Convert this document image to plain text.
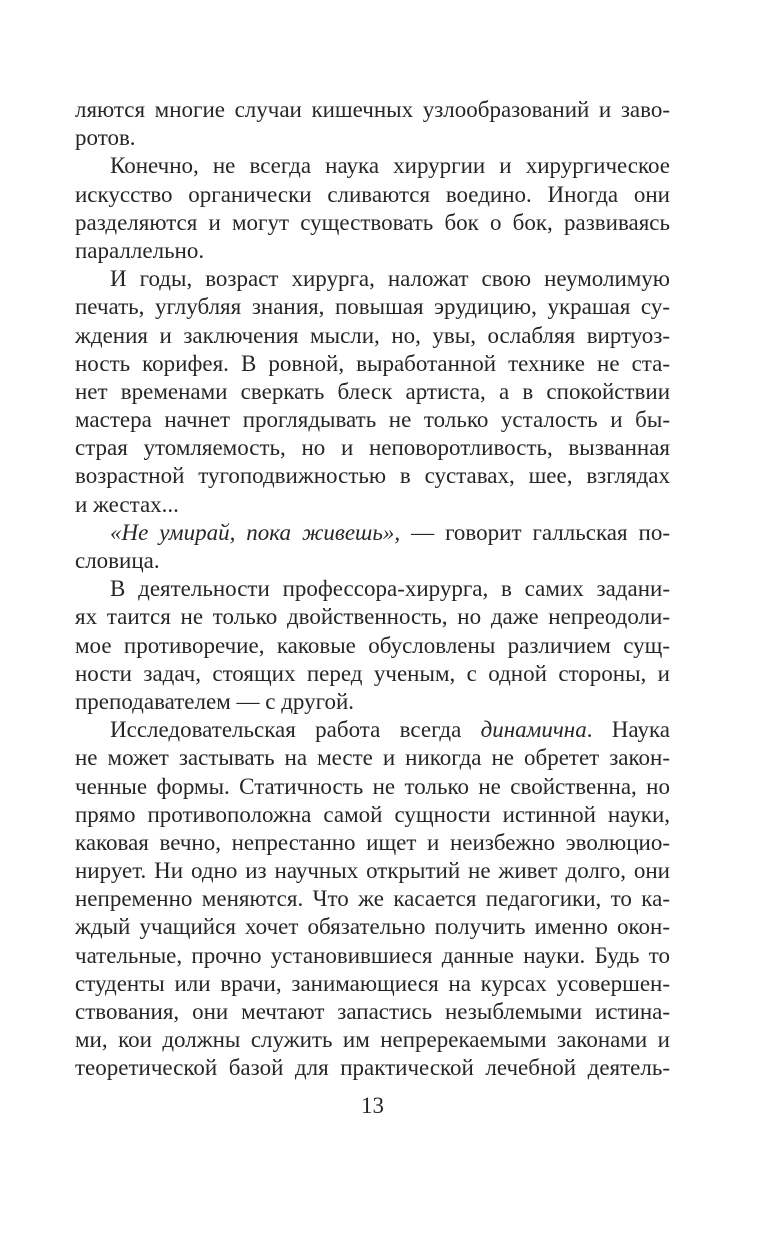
ляются многие случаи кишечных узлообразований и заво-
ротов.
Конечно, не всегда наука хирургии и хирургическое
искусство органически сливаются воедино. Иногда они
разделяются и могут существовать бок о бок, развиваясь
параллельно.
И годы, возраст хирурга, наложат свою неумолимую
печать, углубляя знания, повышая эрудицию, украшая су-
ждения и заключения мысли, но, увы, ослабляя виртуоз-
ность корифея. В ровной, выработанной технике не ста-
нет временами сверкать блеск артиста, а в спокойствии
мастера начнет проглядывать не только усталость и бы-
страя утомляемость, но и неповоротливость, вызванная
возрастной тугоподвижностью в суставах, шее, взглядах
и жестах...
«Не умирай, пока живешь», — говорит галльская по-
словица.
В деятельности профессора-хирурга, в самих задани-
ях таится не только двойственность, но даже непреодоли-
мое противоречие, каковые обусловлены различием сущ-
ности задач, стоящих перед ученым, с одной стороны, и
преподавателем — с другой.
Исследовательская работа всегда динамична. Наука
не может застывать на месте и никогда не обретет закон-
ченные формы. Статичность не только не свойственна, но
прямо противоположна самой сущности истинной науки,
каковая вечно, непрестанно ищет и неизбежно эволюцио-
нирует. Ни одно из научных открытий не живет долго, они
непременно меняются. Что же касается педагогики, то ка-
ждый учащийся хочет обязательно получить именно окон-
чательные, прочно установившиеся данные науки. Будь то
студенты или врачи, занимающиеся на курсах усовершен-
ствования, они мечтают запастись незыблемыми истина-
ми, кои должны служить им непререкаемыми законами и
теоретической базой для практической лечебной деятель-
13
